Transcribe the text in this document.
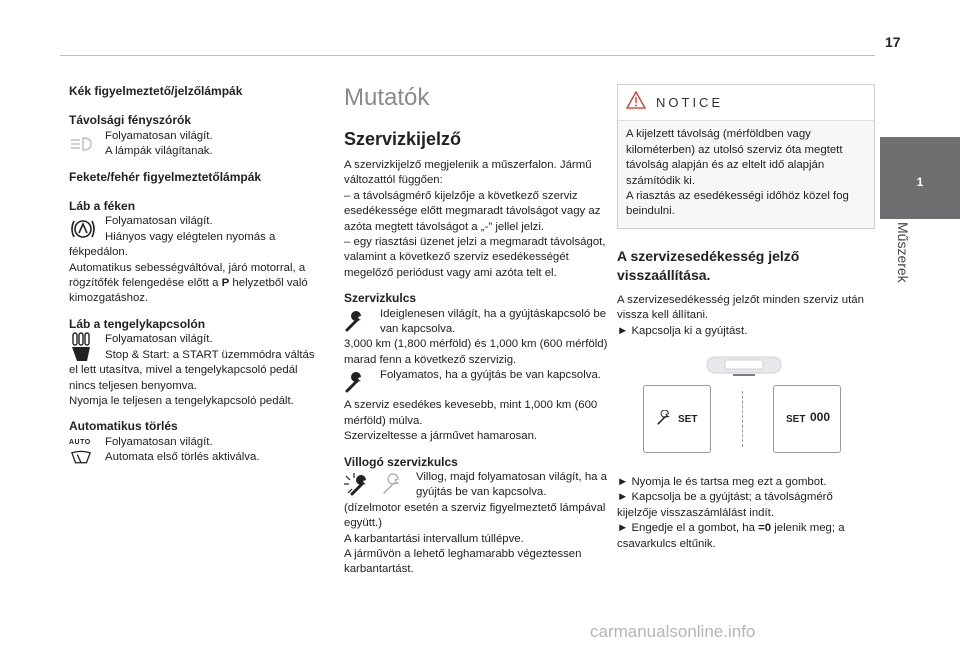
17
1
Műszerek

Kék figyelmeztető/jelzőlámpák

Távolsági fényszórók

Folyamatosan világít.
A lámpák világítanak.

Fekete/fehér figyelmeztetőlámpák

Láb a féken

Folyamatosan világít.
Hiányos vagy elégtelen nyomás a
fékpedálon.
Automatikus sebességváltóval, járó motorral, a rögzítőfék felengedése előtt a P helyzetből való kimozgatáshoz.

Láb a tengelykapcsolón

Folyamatosan világít.
Stop & Start: a START üzemmódra váltás
el lett utasítva, mivel a tengelykapcsoló pedál nincs teljesen benyomva.
Nyomja le teljesen a tengelykapcsoló pedált.

Automatikus törlés

AUTO Folyamatosan világít.
Automata első törlés aktiválva.

Mutatók

Szervizkijelző

A szervizkijelző megjelenik a műszerfalon. Jármű változattól függően:
– a távolságmérő kijelzője a következő szerviz esedékessége előtt megmaradt távolságot vagy az azóta megtett távolságot a „-” jellel jelzi.
– egy riasztási üzenet jelzi a megmaradt távolságot, valamint a következő szerviz esedékességét megelőző periódust vagy ami azóta telt el.

Szervizkulcs

Ideiglenesen világít, ha a gyújtáskapcsoló be van kapcsolva.
3,000 km (1,800 mérföld) és 1,000 km (600 mérföld) marad fenn a következő szervizig.
Folyamatos, ha a gyújtás be van kapcsolva.
A szerviz esedékes kevesebb, mint 1,000 km (600 mérföld) múlva.
Szervizeltesse a járművet hamarosan.

Villogó szervizkulcs

Villog, majd folyamatosan világít, ha a gyújtás be van kapcsolva.
(dízelmotor esetén a szerviz figyelmeztető lámpával együtt.)
A karbantartási intervallum túllépve.
A járművön a lehető leghamarabb végeztessen karbantartást.
NOTICE
A kijelzett távolság (mérföldben vagy kilométerben) az utolsó szerviz óta megtett távolság alapján és az eltelt idő alapján számítódik ki.
A riasztás az esedékességi időhöz közel fog beindulni.

A szervizesedékesség jelző visszaállítása.

A szervizesedékesség jelzőt minden szerviz után vissza kell állítani.
► Kapcsolja ki a gyújtást.
SET	SET 000
► Nyomja le és tartsa meg ezt a gombot.
► Kapcsolja be a gyújtást; a távolságmérő kijelzője visszaszámlálást indít.
► Engedje el a gombot, ha =0 jelenik meg; a csavarkulcs eltűnik.
carmanualsonline.info
